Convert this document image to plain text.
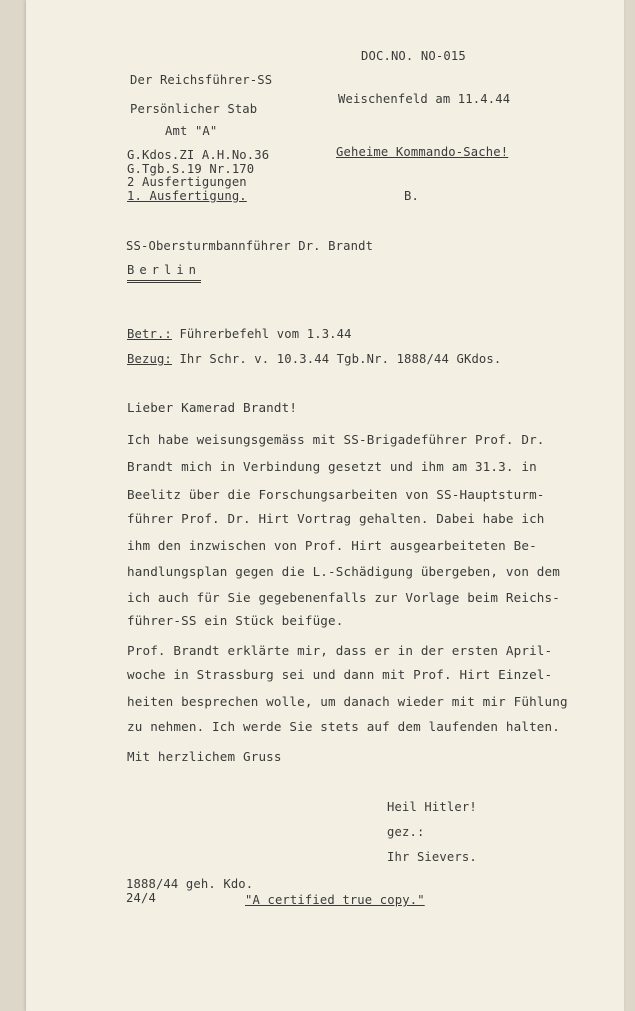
DOC.NO. NO-015
Der Reichsführer-SS
Persönlicher Stab
Amt "A"
Weischenfeld am 11.4.44
G.Kdos.ZI A.H.No.36
G.Tgb.S.19 Nr.170
2 Ausfertigungen
1. Ausfertigung.
Geheime Kommando-Sache!
B.
SS-Obersturmbannführer Dr. Brandt
Berlin
Betr.: Führerbefehl vom 1.3.44
Bezug: Ihr Schr. v. 10.3.44 Tgb.Nr. 1888/44 GKdos.
Lieber Kamerad Brandt!
Ich habe weisungsgemäss mit SS-Brigadeführer Prof. Dr.
Brandt mich in Verbindung gesetzt und ihm am 31.3. in
Beelitz über die Forschungsarbeiten von SS-Hauptsturm-
führer Prof. Dr. Hirt Vortrag gehalten. Dabei habe ich
ihm den inzwischen von Prof. Hirt ausgearbeiteten Be-
handlungsplan gegen die L.-Schädigung übergeben, von dem
ich auch für Sie gegebenenfalls zur Vorlage beim Reichs-
führer-SS ein Stück beifüge.
Prof. Brandt erklärte mir, dass er in der ersten April-
woche in Strassburg sei und dann mit Prof. Hirt Einzel-
heiten besprechen wolle, um danach wieder mit mir Fühlung
zu nehmen. Ich werde Sie stets auf dem laufenden halten.
Mit herzlichem Gruss
Heil Hitler!
gez.:
Ihr Sievers.
1888/44 geh. Kdo.
24/4	"A certified true copy."
